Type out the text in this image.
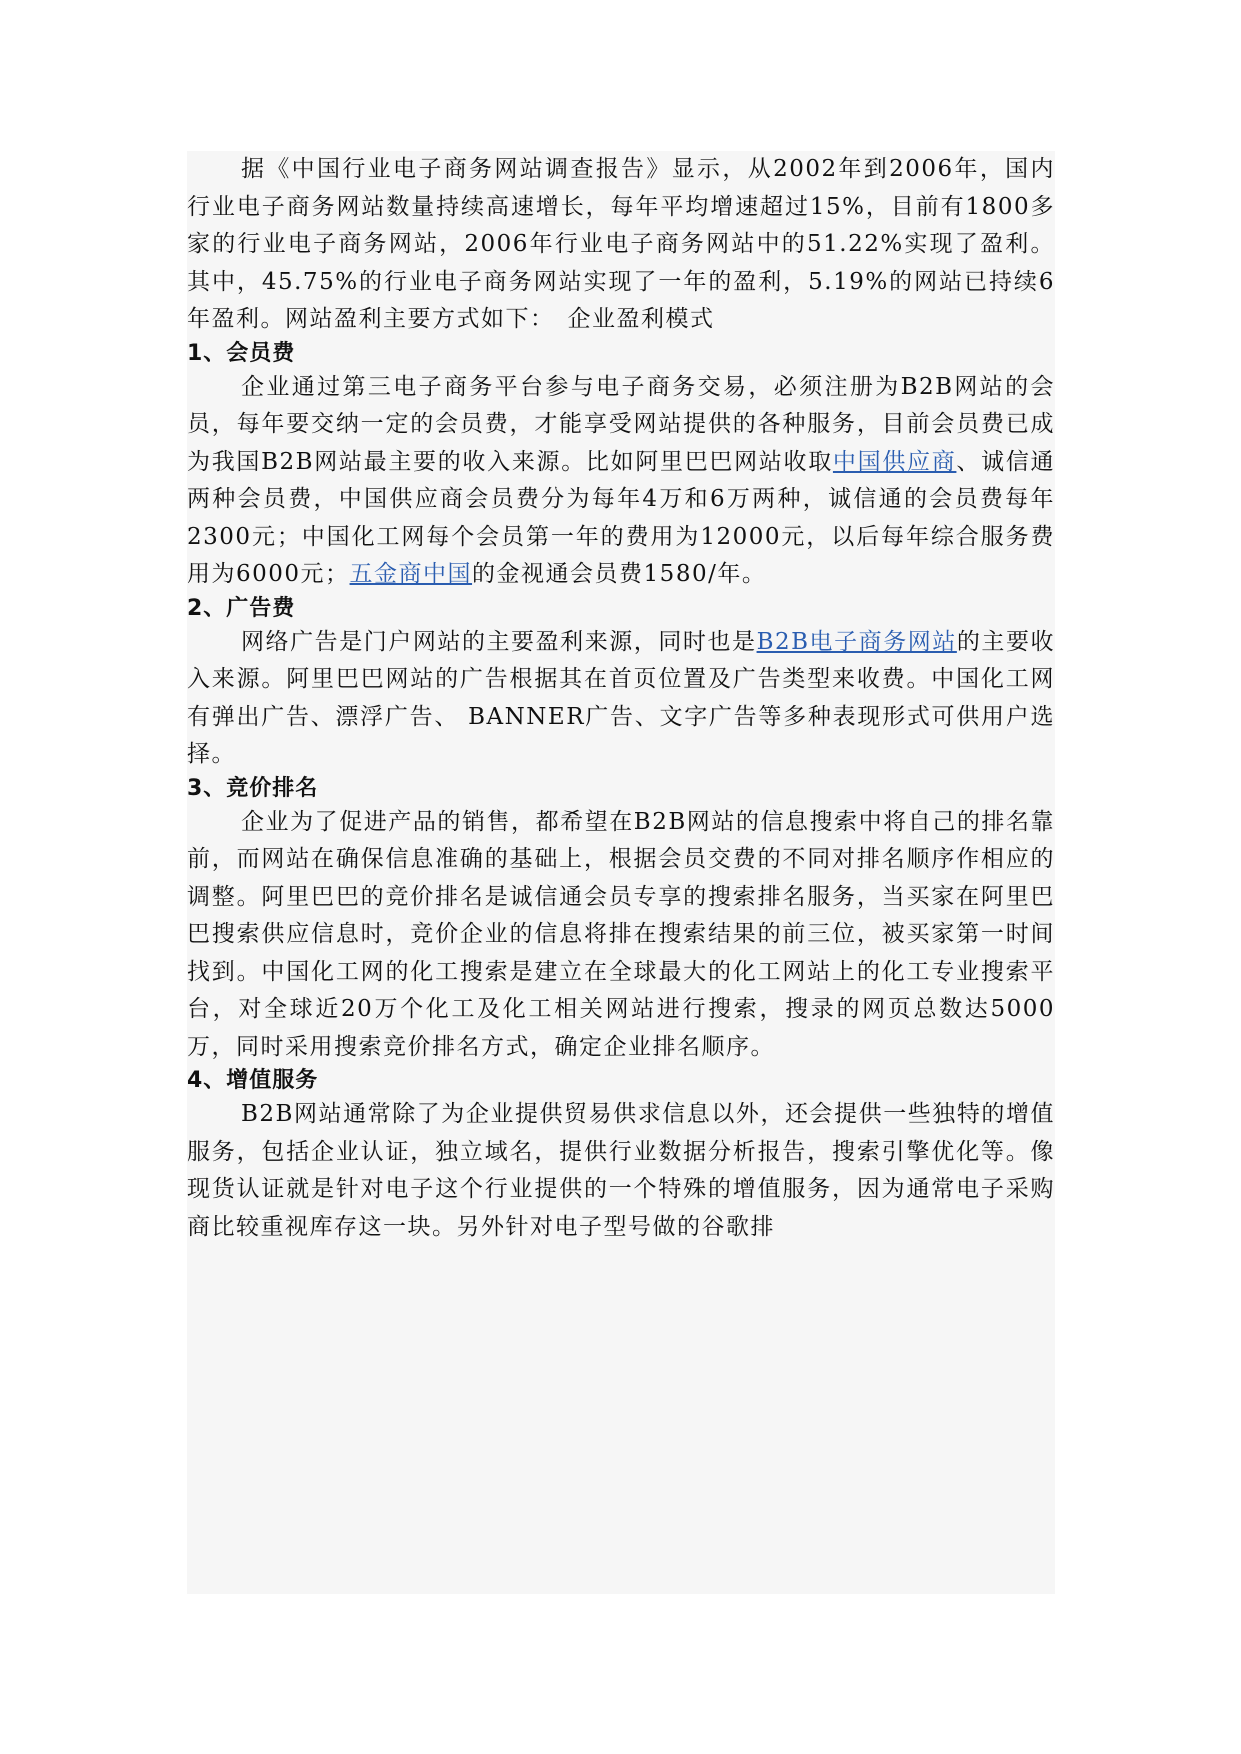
据《中国行业电子商务网站调查报告》显示，从2002年到2006年，国内行业电子商务网站数量持续高速增长，每年平均增速超过15%，目前有1800多家的行业电子商务网站，2006年行业电子商务网站中的51.22%实现了盈利。其中，45.75%的行业电子商务网站实现了一年的盈利，5.19%的网站已持续6年盈利。网站盈利主要方式如下：　企业盈利模式

1、会员费

企业通过第三电子商务平台参与电子商务交易，必须注册为B2B网站的会员，每年要交纳一定的会员费，才能享受网站提供的各种服务，目前会员费已成为我国B2B网站最主要的收入来源。比如阿里巴巴网站收取中国供应商、诚信通两种会员费，中国供应商会员费分为每年4万和6万两种，诚信通的会员费每年2300元；中国化工网每个会员第一年的费用为12000元，以后每年综合服务费用为6000元；五金商中国的金视通会员费1580/年。

2、广告费

网络广告是门户网站的主要盈利来源，同时也是B2B电子商务网站的主要收入来源。阿里巴巴网站的广告根据其在首页位置及广告类型来收费。中国化工网有弹出广告、漂浮广告、 BANNER广告、文字广告等多种表现形式可供用户选择。

3、竞价排名

企业为了促进产品的销售，都希望在B2B网站的信息搜索中将自己的排名靠前，而网站在确保信息准确的基础上，根据会员交费的不同对排名顺序作相应的调整。阿里巴巴的竞价排名是诚信通会员专享的搜索排名服务，当买家在阿里巴巴搜索供应信息时，竞价企业的信息将排在搜索结果的前三位，被买家第一时间找到。中国化工网的化工搜索是建立在全球最大的化工网站上的化工专业搜索平台，对全球近20万个化工及化工相关网站进行搜索，搜录的网页总数达5000万，同时采用搜索竞价排名方式，确定企业排名顺序。

4、增值服务

B2B网站通常除了为企业提供贸易供求信息以外，还会提供一些独特的增值服务，包括企业认证，独立域名，提供行业数据分析报告，搜索引擎优化等。像现货认证就是针对电子这个行业提供的一个特殊的增值服务，因为通常电子采购商比较重视库存这一块。另外针对电子型号做的谷歌排
